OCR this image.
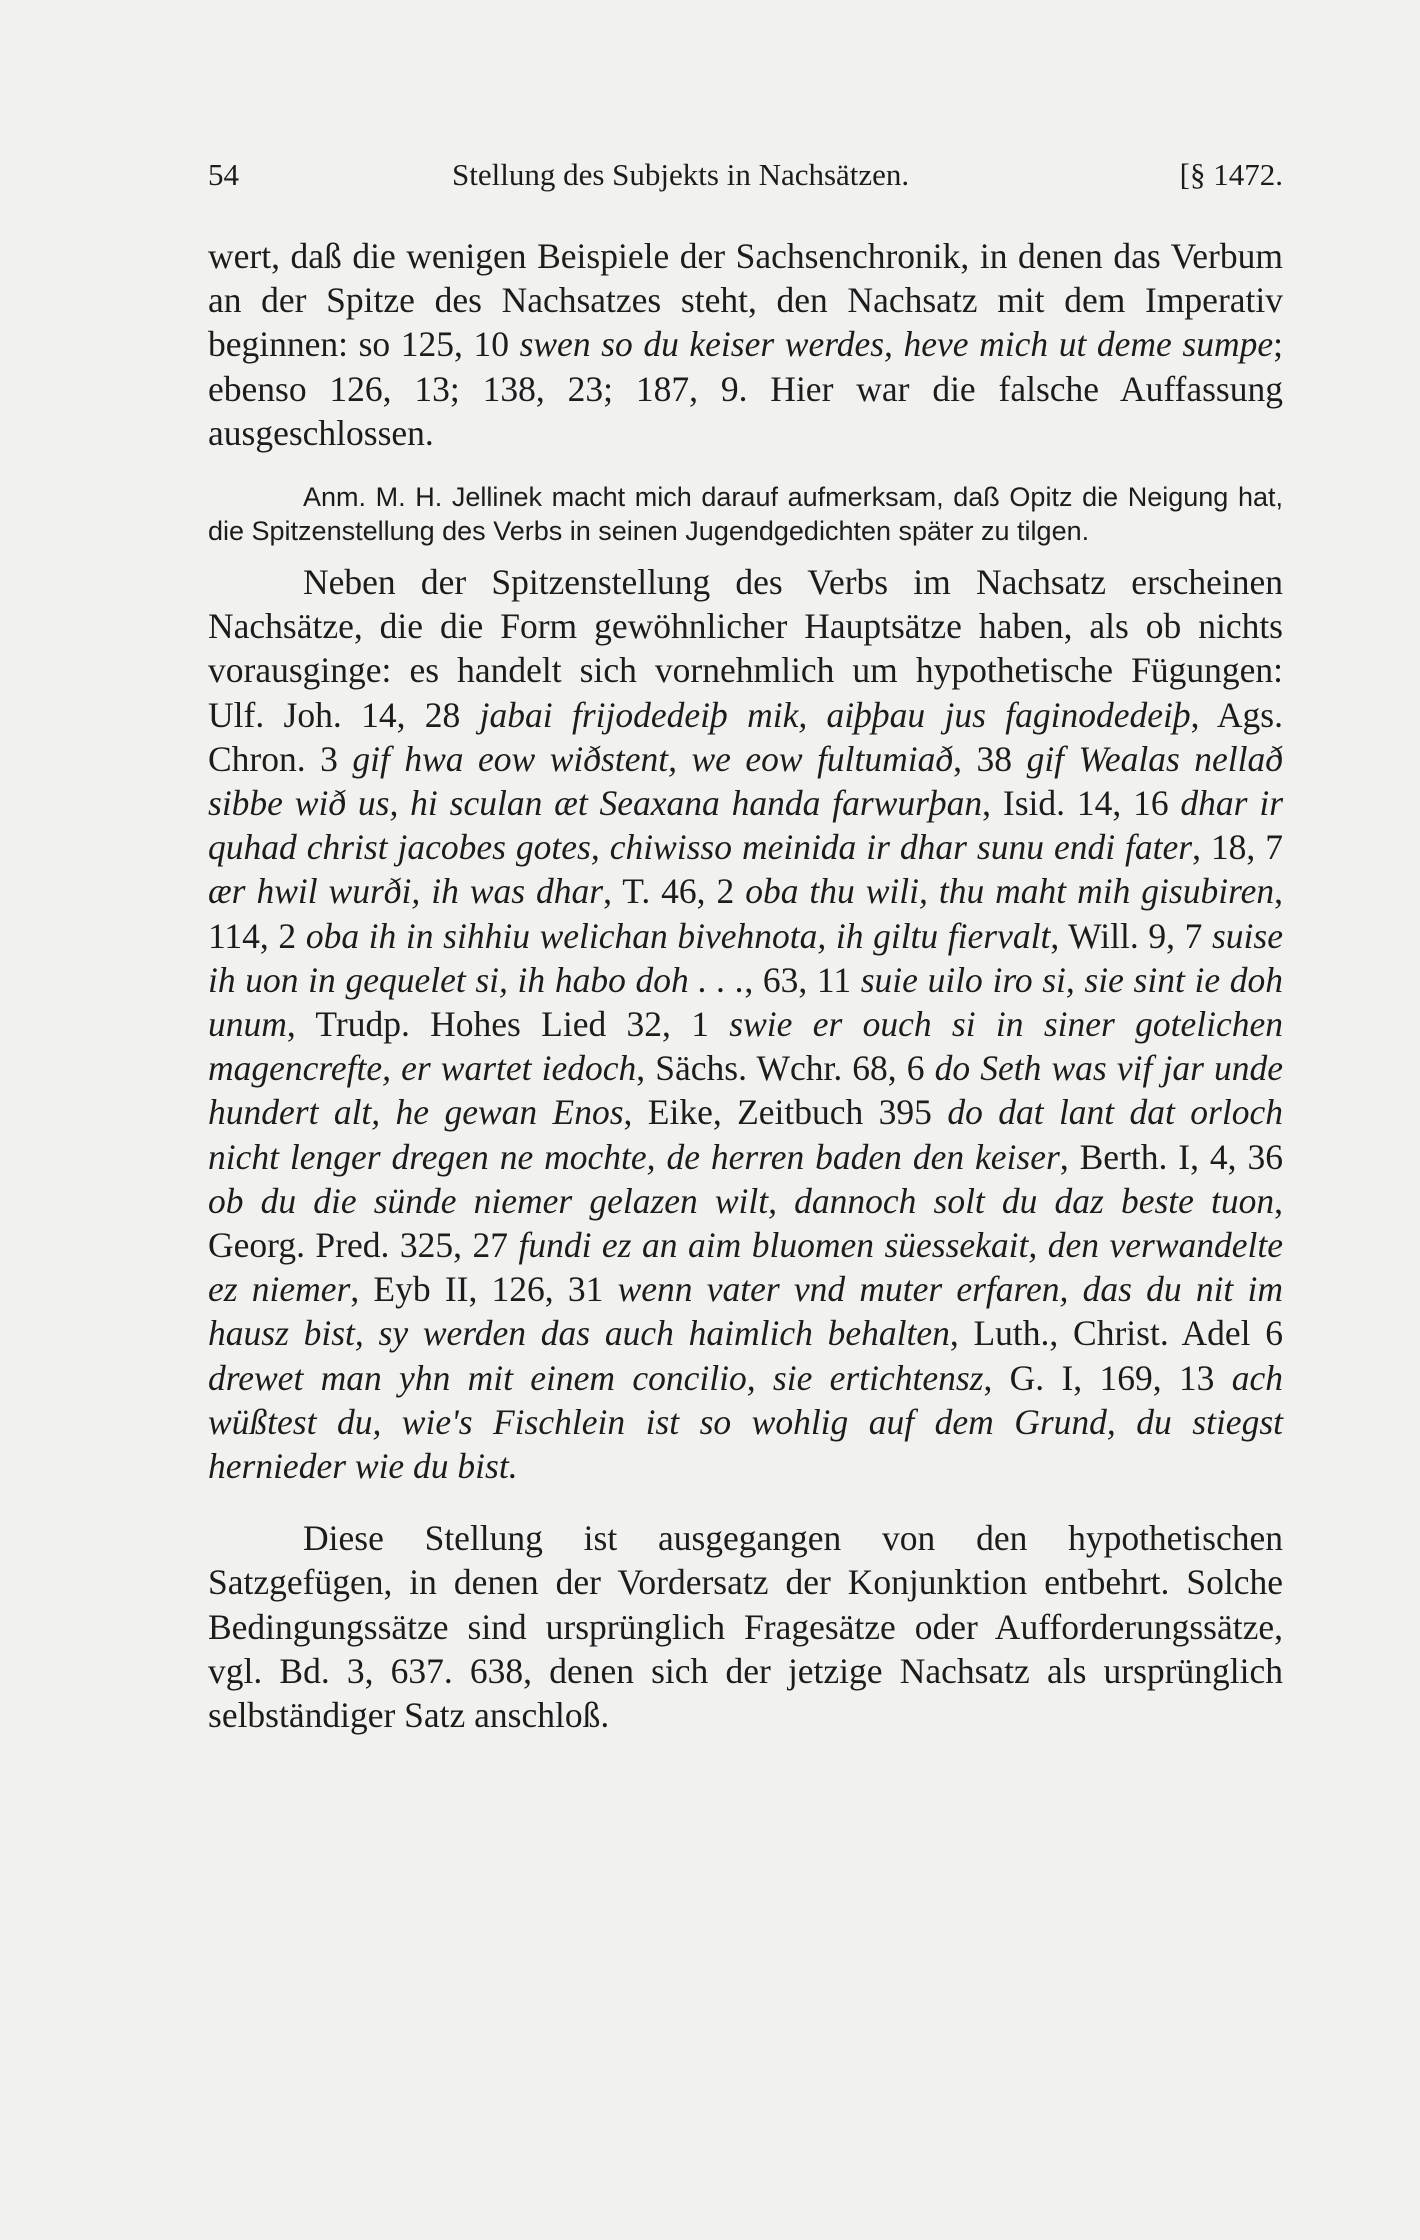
54	Stellung des Subjekts in Nachsätzen.	[§ 1472.

wert, daß die wenigen Beispiele der Sachsenchronik, in denen das Verbum an der Spitze des Nachsatzes steht, den Nachsatz mit dem Imperativ beginnen: so 125, 10 swen so du keiser werdes, heve mich ut deme sumpe; ebenso 126, 13; 138, 23; 187, 9. Hier war die falsche Auffassung ausgeschlossen.

Anm. M. H. Jellinek macht mich darauf aufmerksam, daß Opitz die Neigung hat, die Spitzenstellung des Verbs in seinen Jugendgedichten später zu tilgen.

Neben der Spitzenstellung des Verbs im Nachsatz erscheinen Nachsätze, die die Form gewöhnlicher Hauptsätze haben, als ob nichts vorausginge: es handelt sich vornehmlich um hypothetische Fügungen: Ulf. Joh. 14, 28 jabai frijodedeiþ mik, aiþþau jus faginodedeiþ, Ags. Chron. 3 gif hwa eow wiðstent, we eow fultumiað, 38 gif Wealas nellað sibbe wið us, hi sculan æt Seaxana handa farwurþan, Isid. 14, 16 dhar ir quhad christ jacobes gotes, chiwisso meinida ir dhar sunu endi fater, 18, 7 ær hwil wurði, ih was dhar, T. 46, 2 oba thu wili, thu maht mih gisubiren, 114, 2 oba ih in sihhiu welichan bivehnota, ih giltu fiervalt, Will. 9, 7 suise ih uon in gequelet si, ih habo doh . . ., 63, 11 suie uilo iro si, sie sint ie doh unum, Trudp. Hohes Lied 32, 1 swie er ouch si in siner gotelichen magencrefte, er wartet iedoch, Sächs. Wchr. 68, 6 do Seth was vif jar unde hundert alt, he gewan Enos, Eike, Zeitbuch 395 do dat lant dat orloch nicht lenger dregen ne mochte, de herren baden den keiser, Berth. I, 4, 36 ob du die sünde niemer gelazen wilt, dannoch solt du daz beste tuon, Georg. Pred. 325, 27 fundi ez an aim bluomen süessekait, den verwandelte ez niemer, Eyb II, 126, 31 wenn vater vnd muter erfaren, das du nit im hausz bist, sy werden das auch haimlich behalten, Luth., Christ. Adel 6 drewet man yhn mit einem concilio, sie ertichtensz, G. I, 169, 13 ach wüßtest du, wie's Fischlein ist so wohlig auf dem Grund, du stiegst hernieder wie du bist.

Diese Stellung ist ausgegangen von den hypothetischen Satzgefügen, in denen der Vordersatz der Konjunktion entbehrt. Solche Bedingungssätze sind ursprünglich Fragesätze oder Aufforderungssätze, vgl. Bd. 3, 637. 638, denen sich der jetzige Nachsatz als ursprünglich selbständiger Satz anschloß.
